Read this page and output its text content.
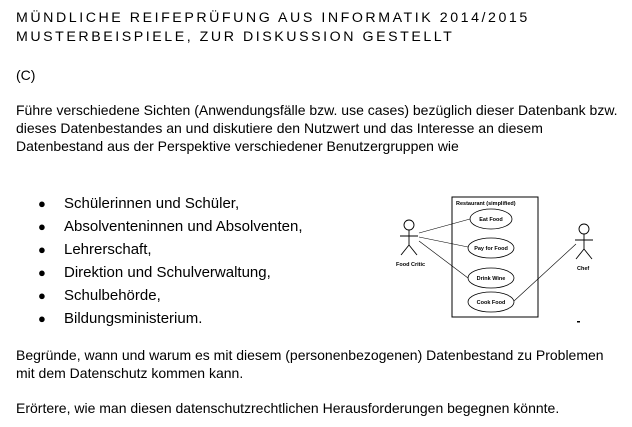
MÜNDLICHE REIFEPRÜFUNG AUS INFORMATIK 2014/2015
MUSTERBEISPIELE, ZUR DISKUSSION GESTELLT
(C)
Führe verschiedene Sichten (Anwendungsfälle bzw. use cases) bezüglich dieser Datenbank bzw. dieses Datenbestandes an und diskutiere den Nutzwert und das Interesse an diesem Datenbestand aus der Perspektive verschiedener Benutzergruppen wie
● Schülerinnen und Schüler,
● Absolventeninnen und Absolventen,
● Lehrerschaft,
● Direktion und Schulverwaltung,
● Schulbehörde,
● Bildungsministerium.
Restaurant (simplified)
Food Critic
Chef
Eat Food
Pay for Food
Drink Wine
Cook Food
Begründe, wann und warum es mit diesem (personenbezogenen) Datenbestand zu Problemen mit dem Datenschutz kommen kann.
Erörtere, wie man diesen datenschutzrechtlichen Herausforderungen begegnen könnte.
